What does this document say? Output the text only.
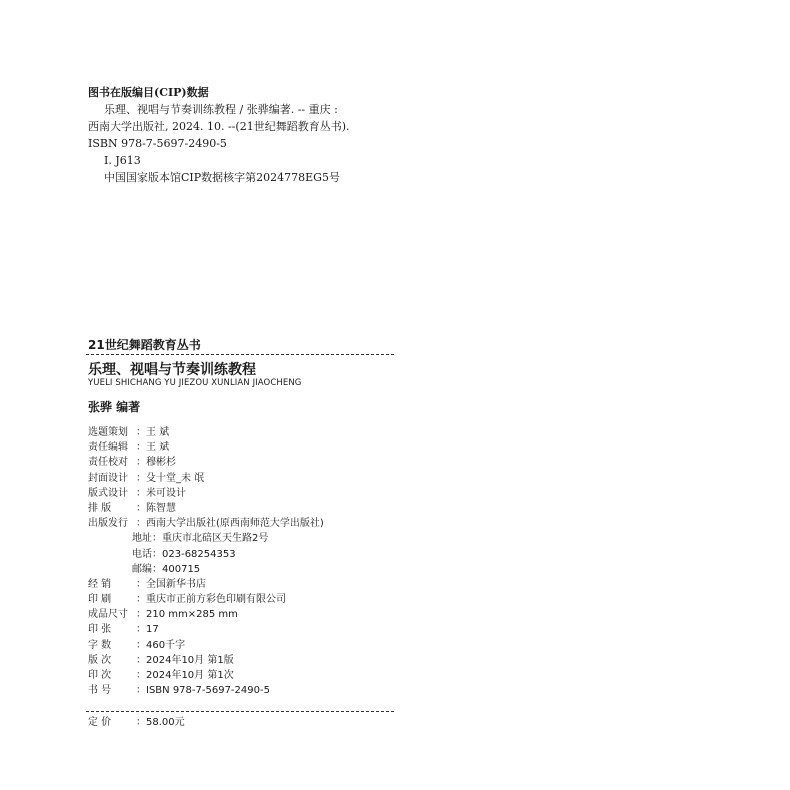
图书在版编目(CIP)数据
乐理、视唱与节奏训练教程 / 张骅编著. -- 重庆 :
西南大学出版社, 2024. 10. --(21世纪舞蹈教育丛书).
ISBN 978-7-5697-2490-5
Ⅰ. J613
中国国家版本馆CIP数据核字第2024778EG5号
21世纪舞蹈教育丛书
乐理、视唱与节奏训练教程
YUELI SHICHANG YU JIEZOU XUNLIAN JIAOCHENG
张骅 编著
选题策划 ：王 斌
责任编辑 ：王 斌
责任校对 ：穆彬杉
封面设计 ：殳十堂_未 氓
版式设计 ：米可设计
排 版 ：陈智慧
出版发行 ：西南大学出版社(原西南师范大学出版社)
地址：重庆市北碚区天生路2号
电话：023-68254353
邮编：400715
经 销 ：全国新华书店
印 刷 ：重庆市正前方彩色印刷有限公司
成品尺寸 ：210 mm×285 mm
印 张 ：17
字 数 ：460千字
版 次 ：2024年10月 第1版
印 次 ：2024年10月 第1次
书 号 ：ISBN 978-7-5697-2490-5
定 价 ：58.00元
